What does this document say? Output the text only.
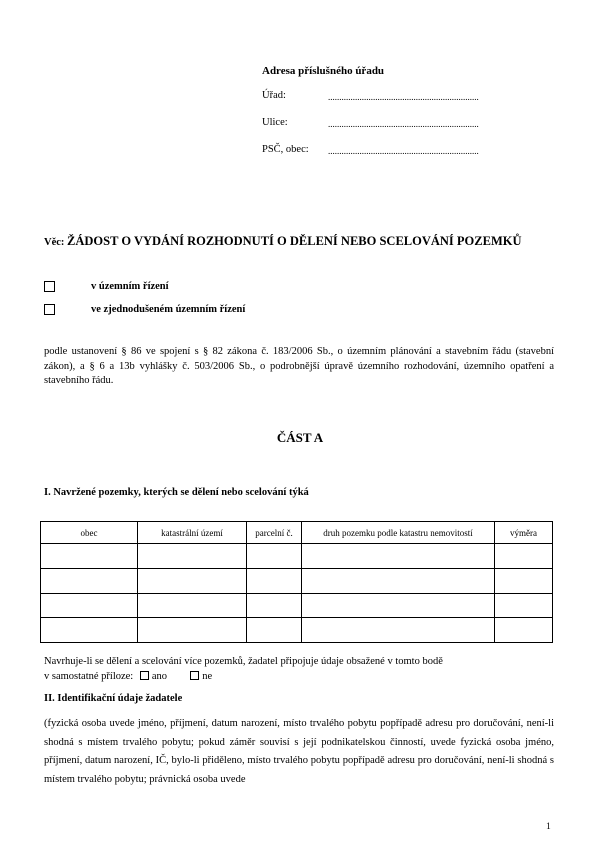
Adresa příslušného úřadu
Úřad:	...................................................................
Ulice:	...................................................................
PSČ, obec:	...................................................................
Věc: ŽÁDOST O VYDÁNÍ ROZHODNUTÍ O DĚLENÍ NEBO SCELOVÁNÍ POZEMKŮ
v územním řízení
ve zjednodušeném územním řízení
podle ustanovení § 86 ve spojení s § 82 zákona č. 183/2006 Sb., o územním plánování a stavebním řádu (stavební zákon), a § 6 a 13b vyhlášky č. 503/2006 Sb., o podrobnější úpravě územního rozhodování, územního opatření a stavebního řádu.
ČÁST A
I. Navržené pozemky, kterých se dělení nebo scelování týká
obec	katastrální území	parcelní č.	druh pozemku podle katastru nemovitostí	výměra

Navrhuje-li se dělení a scelování více pozemků, žadatel připojuje údaje obsažené v tomto bodě
v samostatné příloze: ano	ne
II. Identifikační údaje žadatele
(fyzická osoba uvede jméno, příjmení, datum narození, místo trvalého pobytu popřípadě adresu pro doručování, není-li shodná s místem trvalého pobytu; pokud záměr souvisí s její podnikatelskou činností, uvede fyzická osoba jméno, příjmení, datum narození, IČ, bylo-li přiděleno, místo trvalého pobytu popřípadě adresu pro doručování, není-li shodná s místem trvalého pobytu; právnická osoba uvede
1
